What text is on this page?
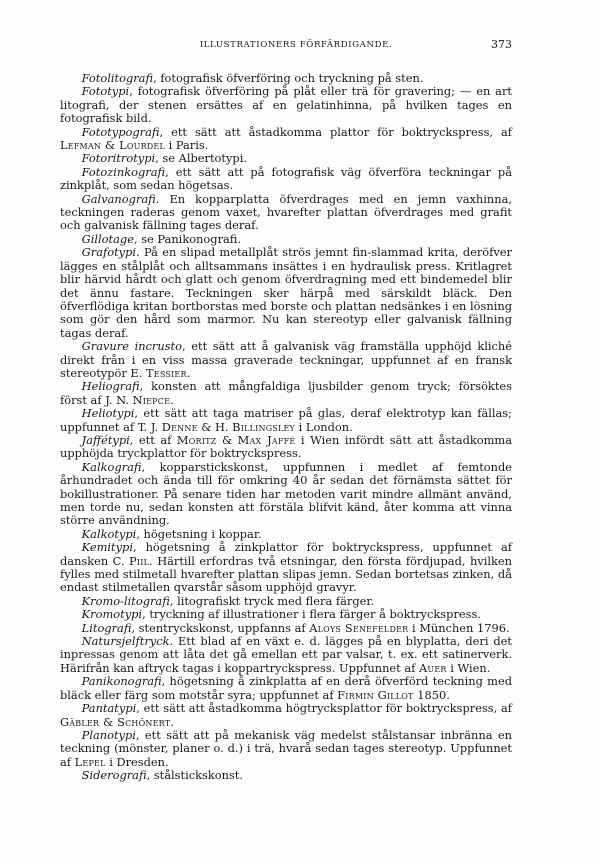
ILLUSTRATIONERS FÖRFÄRDIGANDE.	373

Fotolitografi, fotografisk öfverföring och tryckning på sten.

Fototypi, fotografisk öfverföring på plåt eller trä för gravering; — en art litografi, der stenen ersättes af en gelatinhinna, på hvilken tages en fotografisk bild.

Fototypografi, ett sätt att åstadkomma plattor för boktryckspress, af Lefman & Lourdel i Paris.

Fotoritrotypi, se Albertotypi.

Fotozinkografi, ett sätt att på fotografisk väg öfverföra teckningar på zinkplåt, som sedan högetsas.

Galvanografi. En kopparplatta öfverdrages med en jemn vaxhinna, teckningen raderas genom vaxet, hvarefter plattan öfverdrages med grafit och galvanisk fällning tages deraf.

Gillotage, se Panikonografi.

Grafotypi. På en slipad metallplåt strös jemnt fin-slammad krita, deröfver lägges en stålplåt och alltsammans insättes i en hydraulisk press. Kritlagret blir härvid hårdt och glatt och genom öfverdragning med ett bindemedel blir det ännu fastare. Teckningen sker härpå med särskildt bläck. Den öfverflödiga kritan bortborstas med borste och plattan nedsänkes i en lösning som gör den hård som marmor. Nu kan stereotyp eller galvanisk fällning tagas deraf.

Gravure incrusto, ett sätt att å galvanisk väg framställa upphöjd kliché direkt från i en viss massa graverade teckningar, uppfunnet af en fransk stereotypör E. Tessier.

Heliografi, konsten att mångfaldiga ljusbilder genom tryck; försöktes först af J. N. Niepce.

Heliotypi, ett sätt att taga matriser på glas, deraf elektrotyp kan fällas; uppfunnet af T. J. Denne & H. Billingsley i London.

Jaffétypi, ett af Moritz & Max Jaffé i Wien infördt sätt att åstadkomma upphöjda tryckplattor för boktryckspress.

Kalkografi, kopparstickskonst, uppfunnen i medlet af femtonde århundradet och ända till för omkring 40 år sedan det förnämsta sättet för bokillustrationer. På senare tiden har metoden varit mindre allmänt använd, men torde nu, sedan konsten att förstäla blifvit känd, åter komma att vinna större användning.

Kalkotypi, högetsning i koppar.

Kemitypi, högetsning å zinkplattor för boktryckspress, uppfunnet af dansken C. Piil. Härtill erfordras två etsningar, den första fördjupad, hvilken fylles med stilmetall hvarefter plattan slipas jemn. Sedan bortetsas zinken, då endast stilmetallen qvarstår såsom upphöjd gravyr.

Kromo-litografi, litografiskt tryck med flera färger.

Kromotypi, tryckning af illustrationer i flera färger å boktryckspress.

Litografi, stentryckskonst, uppfanns af Aloys Senefelder i München 1796.

Natursjelftryck. Ett blad af en växt e. d. lägges på en blyplatta, deri det inpressas genom att låta det gå emellan ett par valsar, t. ex. ett satinerverk. Härifrån kan aftryck tagas i koppartryckspress. Uppfunnet af Auer i Wien.

Panikonografi, högetsning å zinkplatta af en derå öfverförd teckning med bläck eller färg som motstår syra; uppfunnet af Firmin Gillot 1850.

Pantatypi, ett sätt att åstadkomma högtrycksplattor för boktryckspress, af Gäbler & Schönert.

Planotypi, ett sätt att på mekanisk väg medelst stålstansar inbränna en teckning (mönster, planer o. d.) i trä, hvarå sedan tages stereotyp. Uppfunnet af Lepel i Dresden.

Siderografi, stålstickskonst.
